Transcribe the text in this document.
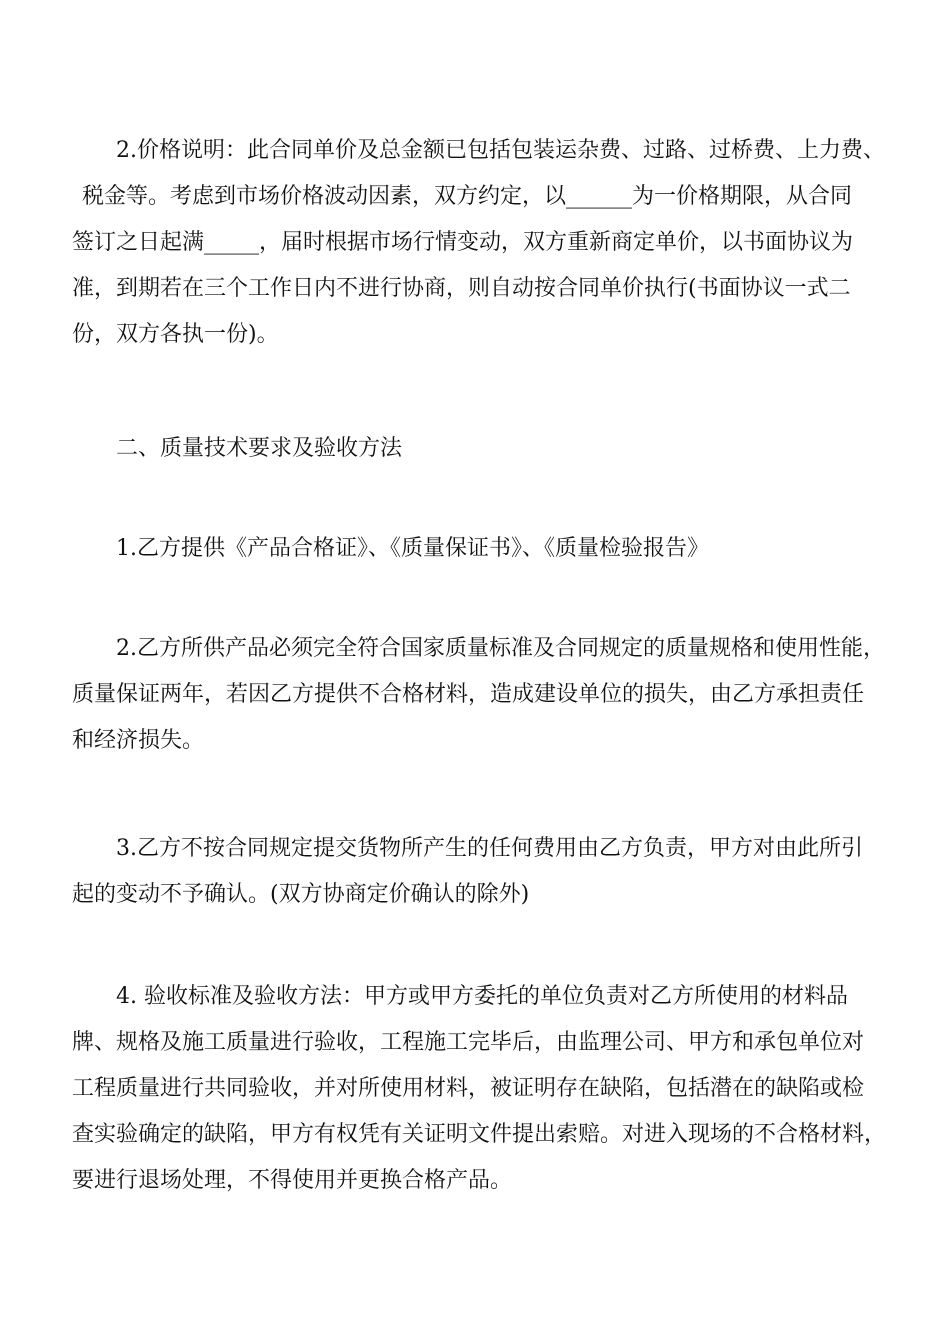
2.价格说明：此合同单价及总金额已包括包装运杂费、过路、过桥费、上力费、
税金等。考虑到市场价格波动因素，双方约定，以______为一价格期限，从合同
签订之日起满_____，届时根据市场行情变动，双方重新商定单价，以书面协议为
准，到期若在三个工作日内不进行协商，则自动按合同单价执行(书面协议一式二
份，双方各执一份)。

二、质量技术要求及验收方法

1.乙方提供《产品合格证》、《质量保证书》、《质量检验报告》

2.乙方所供产品必须完全符合国家质量标准及合同规定的质量规格和使用性能，
质量保证两年，若因乙方提供不合格材料，造成建设单位的损失，由乙方承担责任
和经济损失。

3.乙方不按合同规定提交货物所产生的任何费用由乙方负责，甲方对由此所引
起的变动不予确认。(双方协商定价确认的除外)

4. 验收标准及验收方法：甲方或甲方委托的单位负责对乙方所使用的材料品
牌、规格及施工质量进行验收，工程施工完毕后，由监理公司、甲方和承包单位对
工程质量进行共同验收，并对所使用材料，被证明存在缺陷，包括潜在的缺陷或检
查实验确定的缺陷，甲方有权凭有关证明文件提出索赔。对进入现场的不合格材料，
要进行退场处理，不得使用并更换合格产品。
